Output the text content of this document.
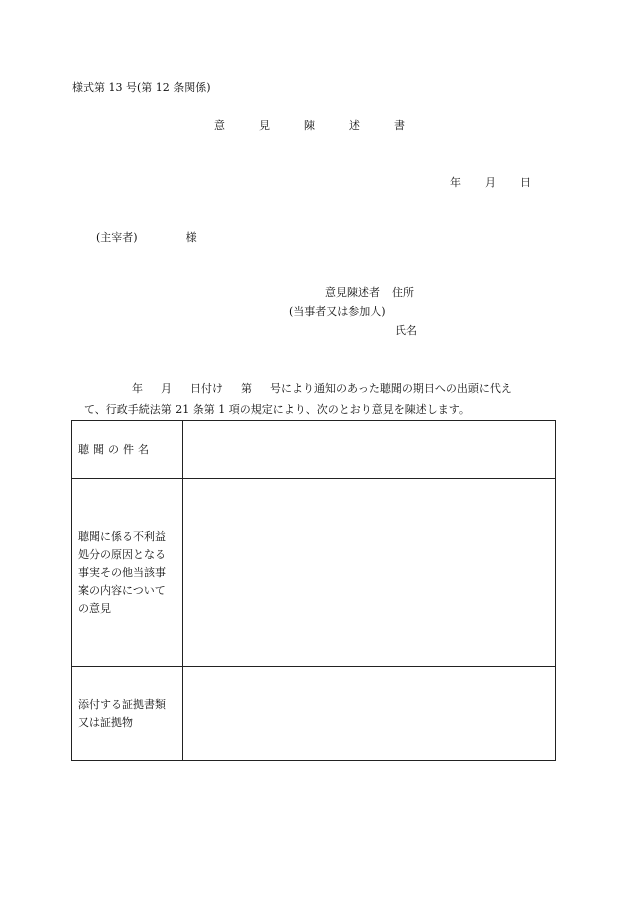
様式第 13 号(第 12 条関係)
意	見	陳	述	書
年 月 日
(主宰者)	様
意見陳述者 住所
(当事者又は参加人)
氏名
年 月 日付け 第 号により通知のあった聴聞の期日への出頭に代え
て、行政手続法第 21 条第 1 項の規定により、次のとおり意見を陳述します。
聴聞の件名	
聴聞に係る不利益処分の原因となる事実その他当該事案の内容についての意見	
添付する証拠書類又は証拠物	
